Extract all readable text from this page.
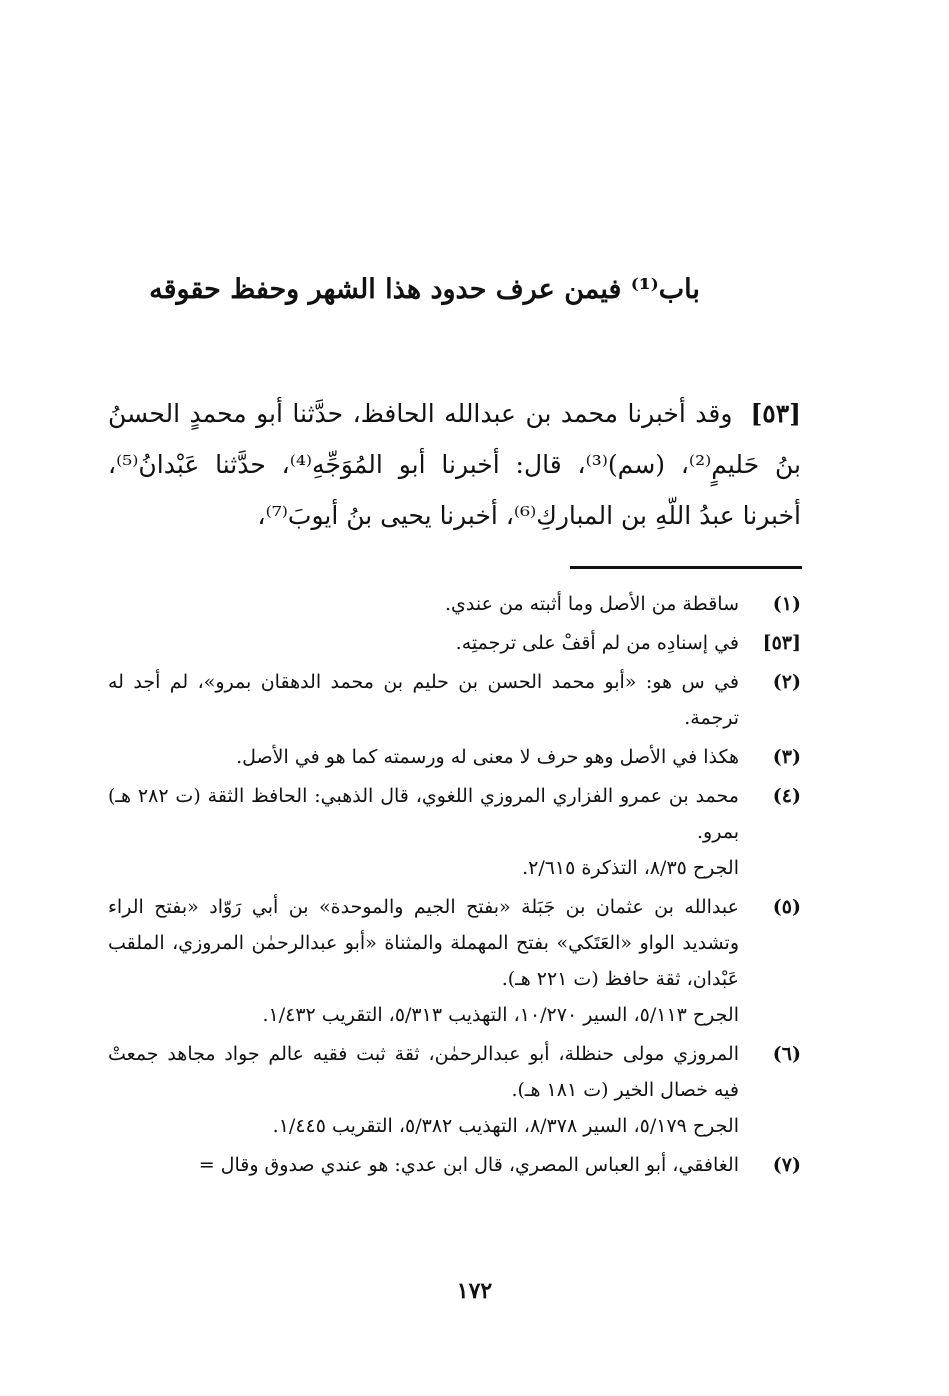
باب⁽¹⁾ فيمن عرف حدود هذا الشهر وحفظ حقوقه
[٥٣]وقد أخبرنا محمد بن عبدالله الحافظ، حدَّثنا أبو محمدٍ الحسنُ بنُ حَليمٍ⁽²⁾، (سم)⁽³⁾، قال: أخبرنا أبو المُوَجِّهِ⁽⁴⁾، حدَّثنا عَبْدانُ⁽⁵⁾، أخبرنا عبدُ اللّهِ بن المباركِ⁽⁶⁾، أخبرنا يحيى بنُ أيوبَ⁽⁷⁾،
(١)
ساقطة من الأصل وما أثبته من عندي.
[٥٣]
في إسنادِه من لم أقفْ على ترجمتِه.
(٢)
في س هو: «أبو محمد الحسن بن حليم بن محمد الدهقان بمرو»، لم أجد له ترجمة.
(٣)
هكذا في الأصل وهو حرف لا معنى له ورسمته كما هو في الأصل.
(٤)
محمد بن عمرو الفزاري المروزي اللغوي، قال الذهبي: الحافظ الثقة (ت ٢٨٢ هـ) بمرو.
الجرح ٨/٣٥، التذكرة ٢/٦١٥.
(٥)
عبدالله بن عثمان بن جَبَلة «بفتح الجيم والموحدة» بن أبي رَوّاد «بفتح الراء وتشديد الواو «العَتَكي» بفتح المهملة والمثناة «أبو عبدالرحمٰن المروزي، الملقب عَبْدان، ثقة حافظ (ت ٢٢١ هـ).
الجرح ٥/١١٣، السير ١٠/٢٧٠، التهذيب ٥/٣١٣، التقريب ١/٤٣٢.
(٦)
المروزي مولى حنظلة، أبو عبدالرحمٰن، ثقة ثبت فقيه عالم جواد مجاهد جمعتْ فيه خصال الخير (ت ١٨١ هـ).
الجرح ٥/١٧٩، السير ٨/٣٧٨، التهذيب ٥/٣٨٢، التقريب ١/٤٤٥.
(٧)
الغافقي، أبو العباس المصري، قال ابن عدي: هو عندي صدوق وقال =
١٧٢
